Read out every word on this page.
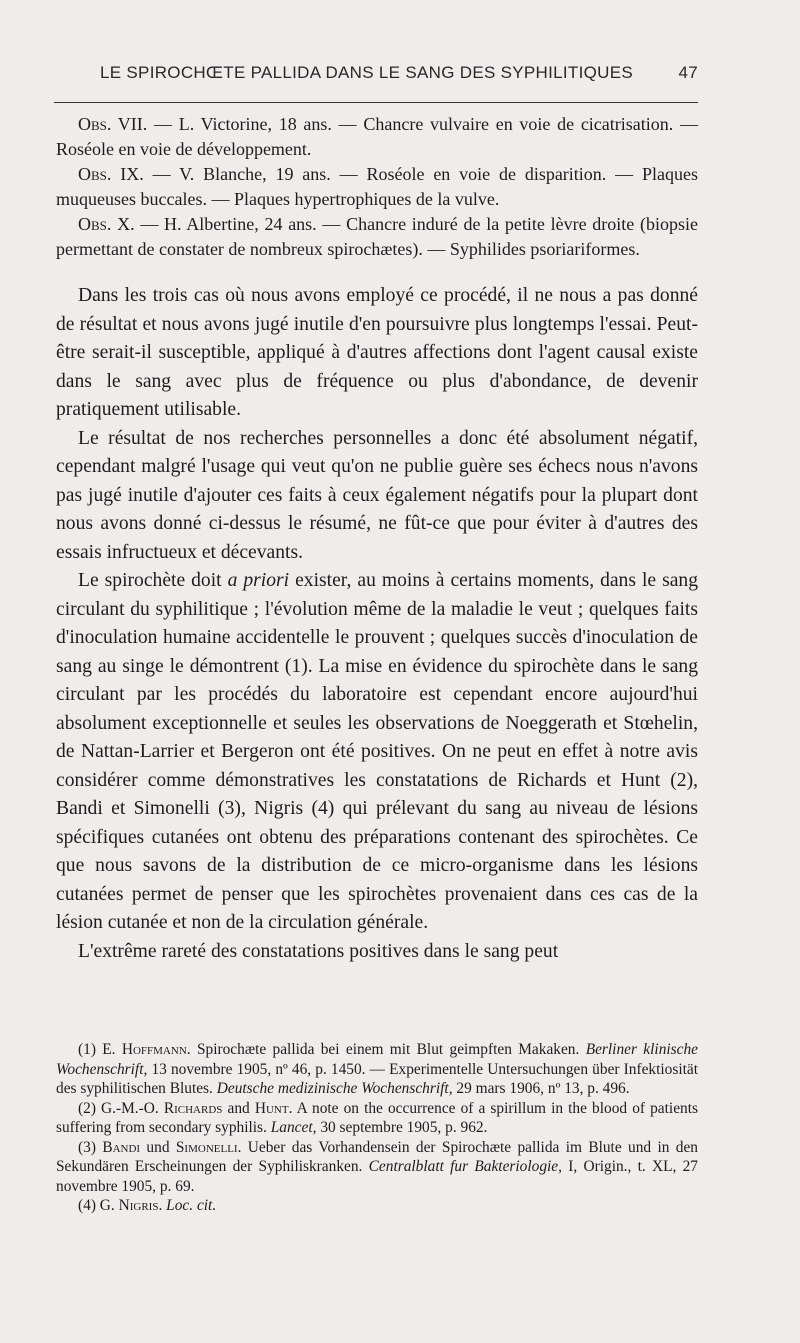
LE SPIROCHŒTE PALLIDA DANS LE SANG DES SYPHILITIQUES	47

Obs. VII. — L. Victorine, 18 ans. — Chancre vulvaire en voie de cicatrisation. — Roséole en voie de développement.

Obs. IX. — V. Blanche, 19 ans. — Roséole en voie de disparition. — Plaques muqueuses buccales. — Plaques hypertrophiques de la vulve.

Obs. X. — H. Albertine, 24 ans. — Chancre induré de la petite lèvre droite (biopsie permettant de constater de nombreux spirochætes). — Syphilides psoriariformes.

Dans les trois cas où nous avons employé ce procédé, il ne nous a pas donné de résultat et nous avons jugé inutile d'en poursuivre plus longtemps l'essai. Peut-être serait-il susceptible, appliqué à d'autres affections dont l'agent causal existe dans le sang avec plus de fréquence ou plus d'abondance, de devenir pratiquement utilisable.

Le résultat de nos recherches personnelles a donc été absolument négatif, cependant malgré l'usage qui veut qu'on ne publie guère ses échecs nous n'avons pas jugé inutile d'ajouter ces faits à ceux également négatifs pour la plupart dont nous avons donné ci-dessus le résumé, ne fût-ce que pour éviter à d'autres des essais infructueux et décevants.

Le spirochète doit a priori exister, au moins à certains moments, dans le sang circulant du syphilitique ; l'évolution même de la maladie le veut ; quelques faits d'inoculation humaine accidentelle le prouvent ; quelques succès d'inoculation de sang au singe le démontrent (1). La mise en évidence du spirochète dans le sang circulant par les procédés du laboratoire est cependant encore aujourd'hui absolument exceptionnelle et seules les observations de Noeggerath et Stœhelin, de Nattan-Larrier et Bergeron ont été positives. On ne peut en effet à notre avis considérer comme démonstratives les constatations de Richards et Hunt (2), Bandi et Simonelli (3), Nigris (4) qui prélevant du sang au niveau de lésions spécifiques cutanées ont obtenu des préparations contenant des spirochètes. Ce que nous savons de la distribution de ce micro-organisme dans les lésions cutanées permet de penser que les spirochètes provenaient dans ces cas de la lésion cutanée et non de la circulation générale.

L'extrême rareté des constatations positives dans le sang peut

(1) E. Hoffmann. Spirochæte pallida bei einem mit Blut geimpften Makaken. Berliner klinische Wochenschrift, 13 novembre 1905, nº 46, p. 1450. — Experimentelle Untersuchungen über Infektiosität des syphilitischen Blutes. Deutsche medizinische Wochenschrift, 29 mars 1906, nº 13, p. 496.

(2) G.-M.-O. Richards and Hunt. A note on the occurrence of a spirillum in the blood of patients suffering from secondary syphilis. Lancet, 30 septembre 1905, p. 962.

(3) Bandi und Simonelli. Ueber das Vorhandensein der Spirochæte pallida im Blute und in den Sekundären Erscheinungen der Syphiliskranken. Centralblatt fur Bakteriologie, I, Origin., t. XL, 27 novembre 1905, p. 69.

(4) G. Nigris. Loc. cit.
